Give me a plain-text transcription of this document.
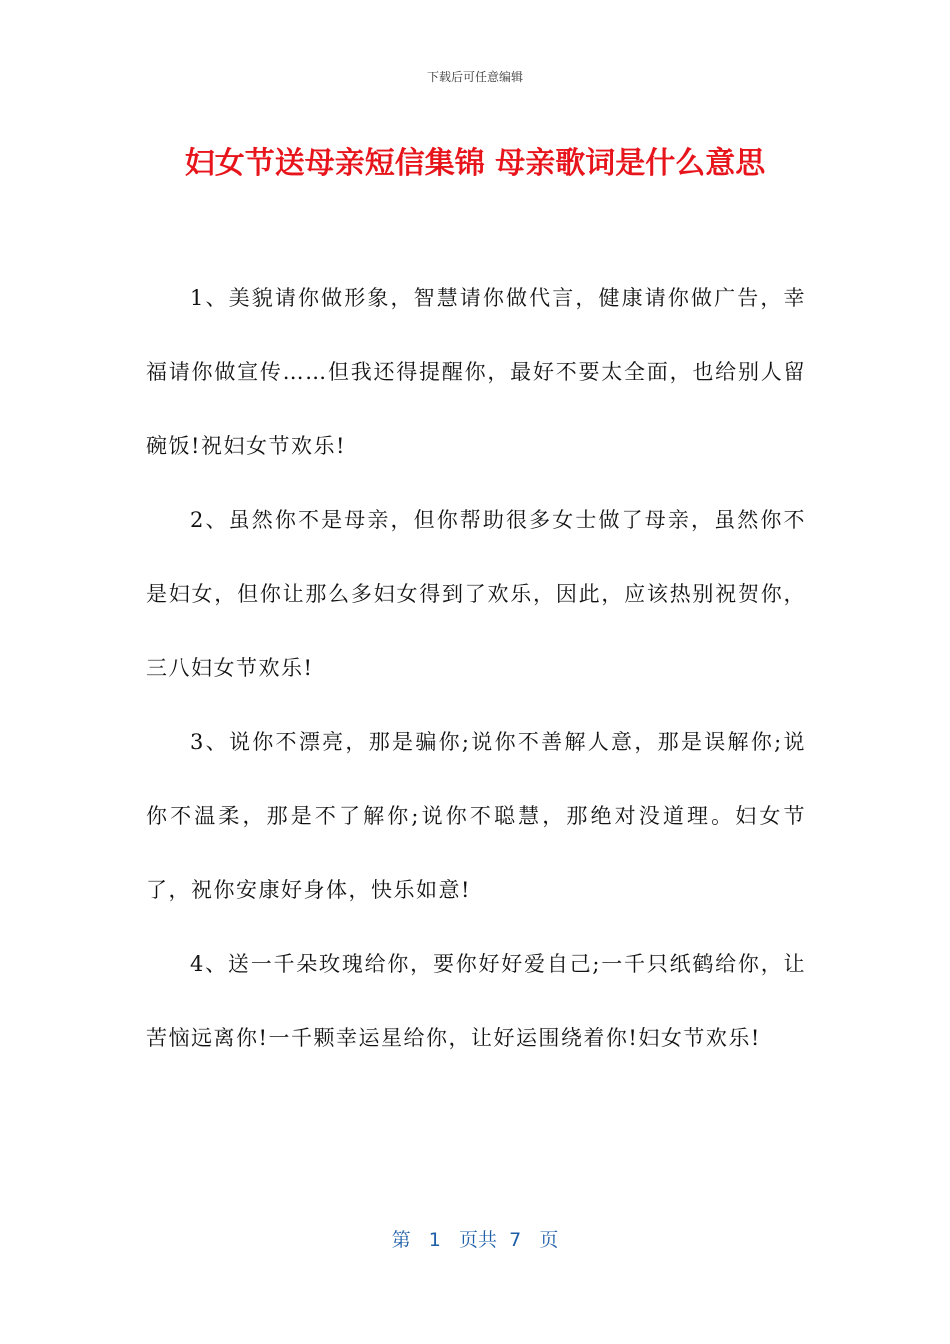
下载后可任意编辑
妇女节送母亲短信集锦 母亲歌词是什么意思

1、美貌请你做形象，智慧请你做代言，健康请你做广告，幸福请你做宣传……但我还得提醒你，最好不要太全面，也给别人留碗饭!祝妇女节欢乐!

2、虽然你不是母亲，但你帮助很多女士做了母亲，虽然你不是妇女，但你让那么多妇女得到了欢乐，因此，应该热别祝贺你，三八妇女节欢乐!

3、说你不漂亮，那是骗你;说你不善解人意，那是误解你;说你不温柔，那是不了解你;说你不聪慧，那绝对没道理。妇女节了，祝你安康好身体，快乐如意!

4、送一千朵玫瑰给你，要你好好爱自己;一千只纸鹤给你，让苦恼远离你!一千颗幸运星给你，让好运围绕着你!妇女节欢乐!

第 1 页共 7 页
